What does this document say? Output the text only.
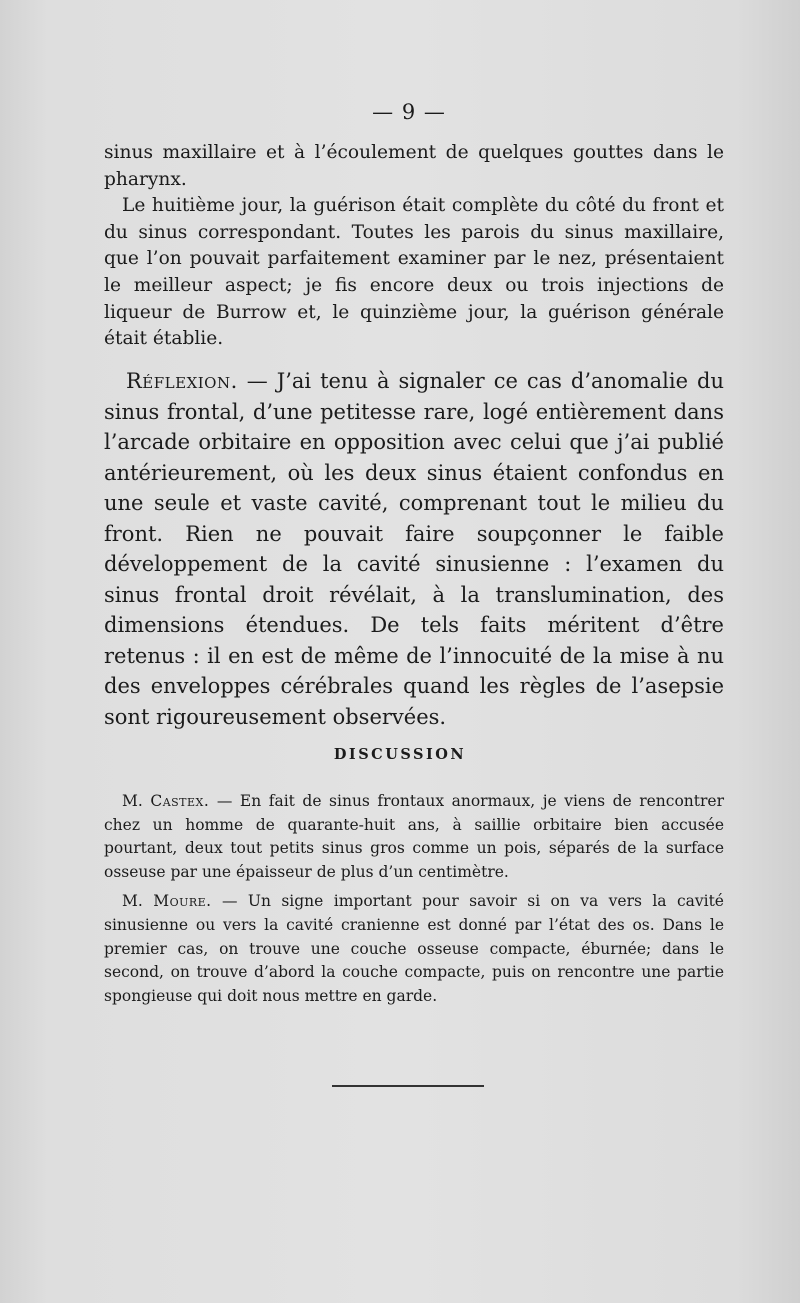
— 9 —

sinus maxillaire et à l’écoulement de quelques gouttes dans le pharynx.

Le huitième jour, la guérison était complète du côté du front et du sinus correspondant. Toutes les parois du sinus maxillaire, que l’on pouvait parfaitement examiner par le nez, présentaient le meilleur aspect; je fis encore deux ou trois injections de liqueur de Burrow et, le quinzième jour, la guérison générale était établie.

Réflexion. — J’ai tenu à signaler ce cas d’anomalie du sinus frontal, d’une petitesse rare, logé entièrement dans l’arcade orbitaire en opposition avec celui que j’ai publié antérieurement, où les deux sinus étaient confondus en une seule et vaste cavité, comprenant tout le milieu du front. Rien ne pouvait faire soupçonner le faible développement de la cavité sinusienne : l’examen du sinus frontal droit révélait, à la translumination, des dimensions étendues. De tels faits méritent d’être retenus : il en est de même de l’innocuité de la mise à nu des enveloppes cérébrales quand les règles de l’asepsie sont rigoureusement observées.

DISCUSSION

M. Castex. — En fait de sinus frontaux anormaux, je viens de rencontrer chez un homme de quarante-huit ans, à saillie orbitaire bien accusée pourtant, deux tout petits sinus gros comme un pois, séparés de la surface osseuse par une épaisseur de plus d’un centimètre.

M. Moure. — Un signe important pour savoir si on va vers la cavité sinusienne ou vers la cavité cranienne est donné par l’état des os. Dans le premier cas, on trouve une couche osseuse compacte, éburnée; dans le second, on trouve d’abord la couche compacte, puis on rencontre une partie spongieuse qui doit nous mettre en garde.
